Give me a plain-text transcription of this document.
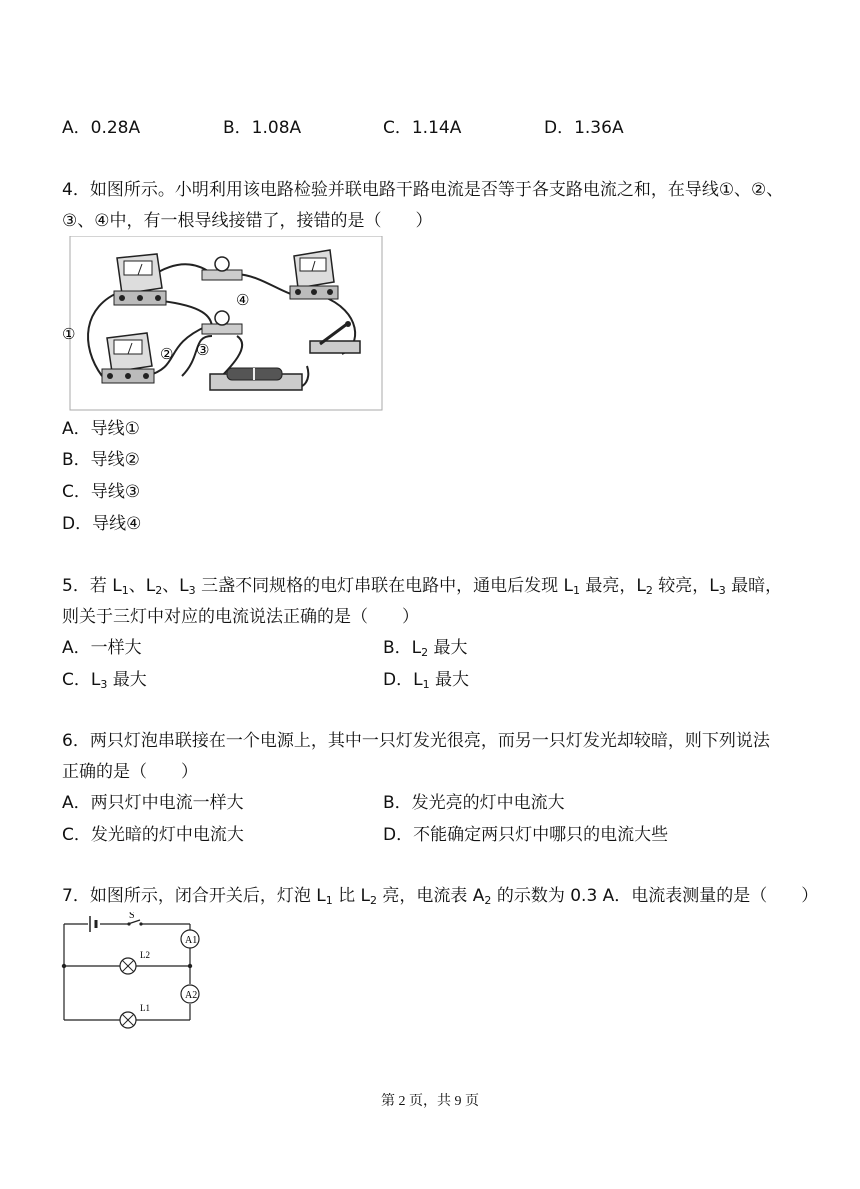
A．0.28A	B．1.08A	C．1.14A	D．1.36A
4．如图所示。小明利用该电路检验并联电路干路电流是否等于各支路电流之和，在导线①、②、
③、④中，有一根导线接错了，接错的是（　　）
①
② ③
④
A．导线①
B．导线②
C．导线③
D．导线④
5．若 $L_1$、$L_2$、$L_3$ 三盏不同规格的电灯串联在电路中，通电后发现 $L_1$ 最亮，$L_2$ 较亮，$L_3$ 最暗，
则关于三灯中对应的电流说法正确的是（　　）
A．一样大	B．$L_2$ 最大
C．$L_3$ 最大	D．$L_1$ 最大
6．两只灯泡串联接在一个电源上，其中一只灯发光很亮，而另一只灯发光却较暗，则下列说法
正确的是（　　）
A．两只灯中电流一样大	B．发光亮的灯中电流大
C．发光暗的灯中电流大	D．不能确定两只灯中哪只的电流大些
7．如图所示，闭合开关后，灯泡 $L_1$ 比 $L_2$ 亮，电流表 $A_2$ 的示数为 0.3 A．电流表测量的是（　　）
A1
A2
S
L2
L1
第 2 页，共 9 页
